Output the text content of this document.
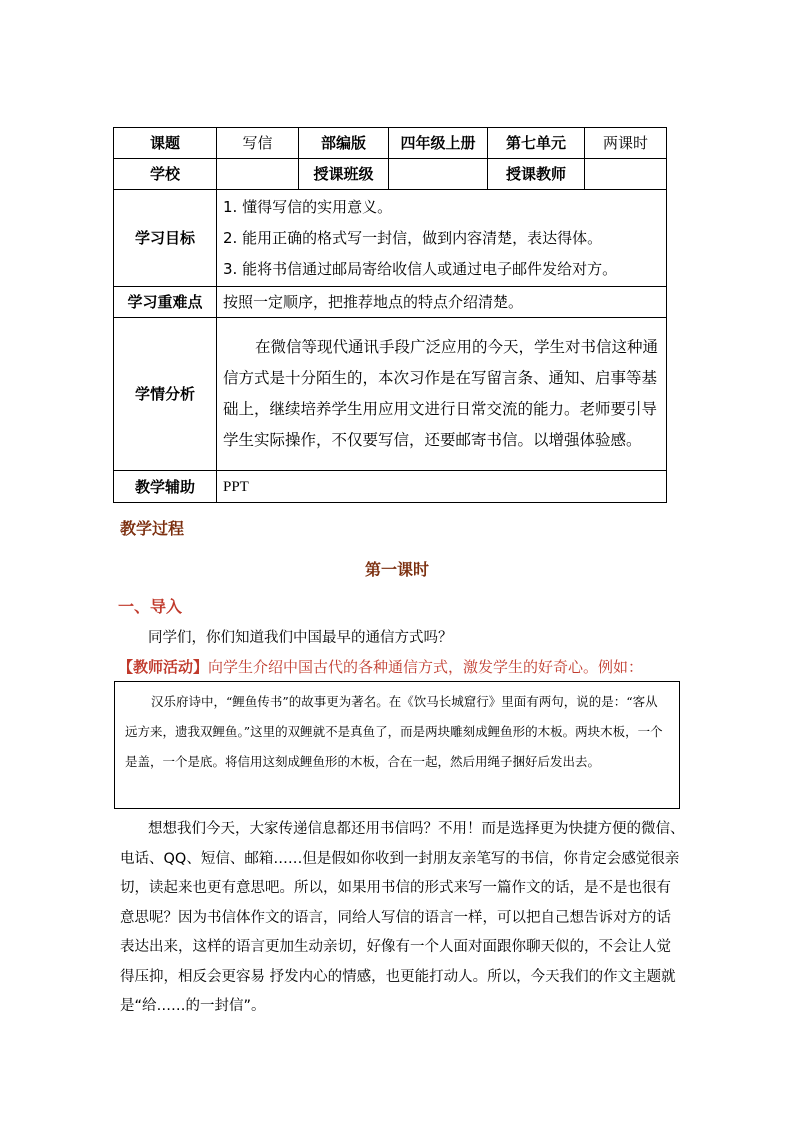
课题	写信	部编版	四年级上册	第七单元	两课时
学校		授课班级		授课教师	
学习目标	1. 懂得写信的实用意义。
2. 能用正确的格式写一封信，做到内容清楚，表达得体。
3. 能将书信通过邮局寄给收信人或通过电子邮件发给对方。				

学习重难点	按照一定顺序，把推荐地点的特点介绍清楚。				
学情分析	在微信等现代通讯手段广泛应用的今天，学生对书信这种通信方式是十分陌生的，本次习作是在写留言条、通知、启事等基础上，继续培养学生用应用文进行日常交流的能力。老师要引导学生实际操作，不仅要写信，还要邮寄书信。以增强体验感。				
教学辅助	PPT				
教学过程
第一课时
一、导入
同学们，你们知道我们中国最早的通信方式吗？
【教师活动】向学生介绍中国古代的各种通信方式，激发学生的好奇心。例如：
汉乐府诗中，“鲤鱼传书”的故事更为著名。在《饮马长城窟行》里面有两句，说的是：“客从远方来，遗我双鲤鱼。”这里的双鲤就不是真鱼了，而是两块雕刻成鲤鱼形的木板。两块木板，一个是盖，一个是底。将信用这刻成鲤鱼形的木板，合在一起，然后用绳子捆好后发出去。
想想我们今天，大家传递信息都还用书信吗？不用！而是选择更为快捷方便的微信、电话、QQ、短信、邮箱……但是假如你收到一封朋友亲笔写的书信，你肯定会感觉很亲切，读起来也更有意思吧。所以，如果用书信的形式来写一篇作文的话，是不是也很有意思呢？因为书信体作文的语言，同给人写信的语言一样，可以把自己想告诉对方的话表达出来，这样的语言更加生动亲切，好像有一个人面对面跟你聊天似的，不会让人觉得压抑，相反会更容易 抒发内心的情感，也更能打动人。所以，今天我们的作文主题就是“给……的一封信”。
